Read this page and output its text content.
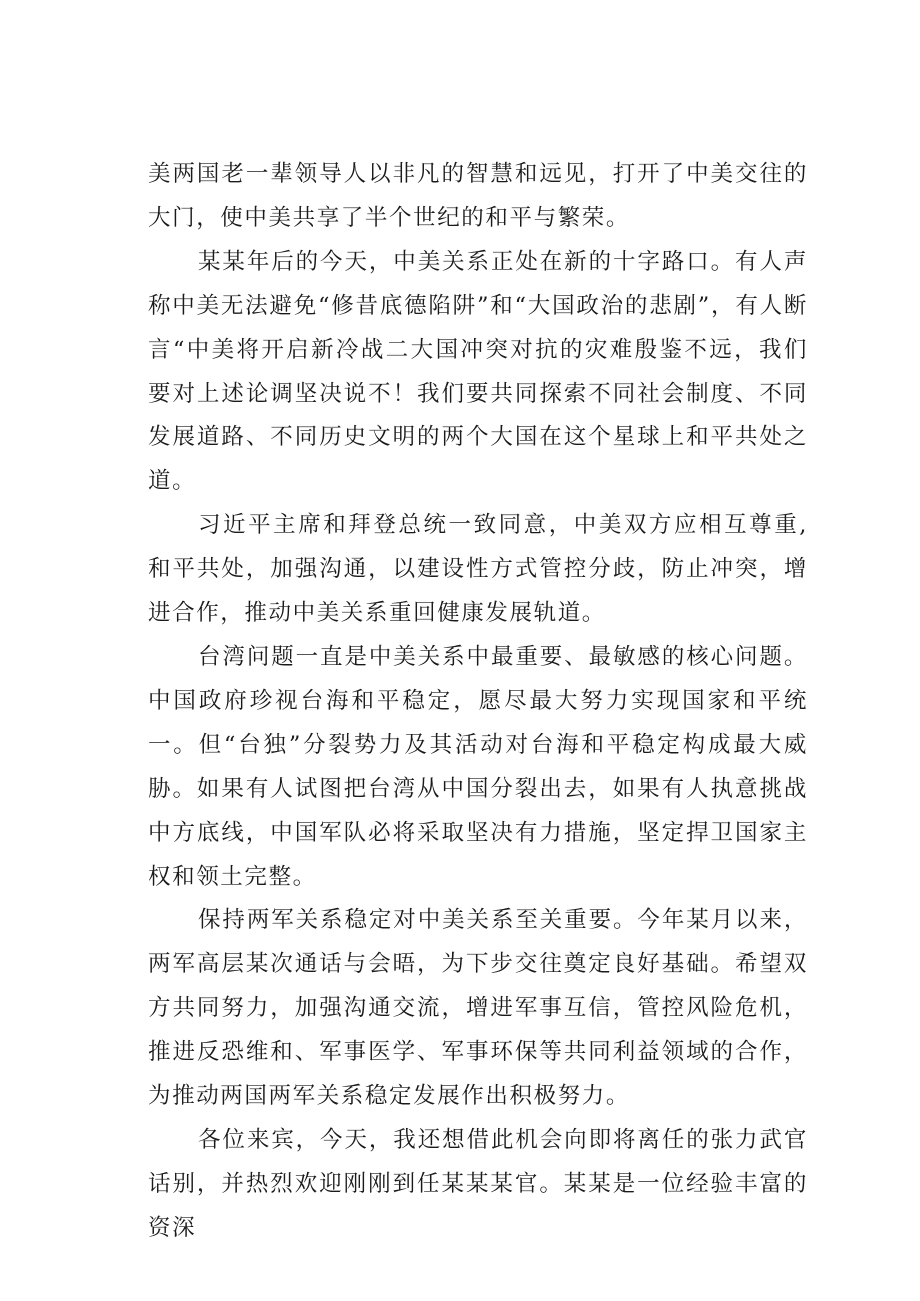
美两国老一辈领导人以非凡的智慧和远见，打开了中美交往的大门，使中美共享了半个世纪的和平与繁荣。

某某年后的今天，中美关系正处在新的十字路口。有人声称中美无法避免“修昔底德陷阱”和“大国政治的悲剧”，有人断言“中美将开启新冷战二大国冲突对抗的灾难殷鉴不远，我们要对上述论调坚决说不！我们要共同探索不同社会制度、不同发展道路、不同历史文明的两个大国在这个星球上和平共处之道。

习近平主席和拜登总统一致同意，中美双方应相互尊重,和平共处，加强沟通，以建设性方式管控分歧，防止冲突，增进合作，推动中美关系重回健康发展轨道。

台湾问题一直是中美关系中最重要、最敏感的核心问题。中国政府珍视台海和平稳定，愿尽最大努力实现国家和平统一。但“台独”分裂势力及其活动对台海和平稳定构成最大威胁。如果有人试图把台湾从中国分裂出去，如果有人执意挑战中方底线，中国军队必将采取坚决有力措施，坚定捍卫国家主权和领土完整。

保持两军关系稳定对中美关系至关重要。今年某月以来，两军高层某次通话与会晤，为下步交往奠定良好基础。希望双方共同努力，加强沟通交流，增进军事互信，管控风险危机，推进反恐维和、军事医学、军事环保等共同利益领域的合作，为推动两国两军关系稳定发展作出积极努力。

各位来宾，今天，我还想借此机会向即将离任的张力武官话别，并热烈欢迎刚刚到任某某某官。某某是一位经验丰富的资深
